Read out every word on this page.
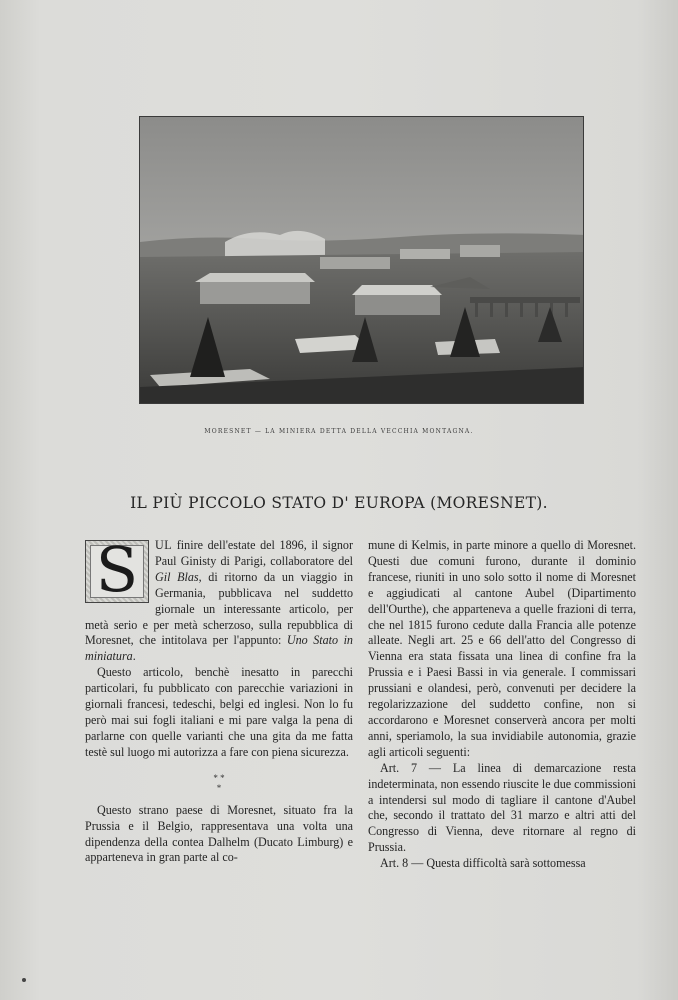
MORESNET — LA MINIERA DETTA DELLA VECCHIA MONTAGNA.
IL PIÙ PICCOLO STATO D' EUROPA (MORESNET).
S	UL finire dell'estate del 1896, il signor Paul Ginisty di Parigi, collaboratore del Gil Blas, di ritorno da un viaggio in Germania, pubblicava nel suddetto giornale un interessante articolo, per metà serio e per metà scherzoso, sulla repubblica di Moresnet, che intitolava per l'appunto: Uno Stato in miniatura.

Questo articolo, benchè inesatto in parecchi particolari, fu pubblicato con parecchie variazioni in giornali francesi, tedeschi, belgi ed inglesi. Non lo fu però mai sui fogli italiani e mi pare valga la pena di parlarne con quelle varianti che una gita da me fatta testè sul luogo mi autorizza a fare con piena sicurezza.

* *
*

Questo strano paese di Moresnet, situato fra la Prussia e il Belgio, rappresentava una volta una dipendenza della contea Dalhelm (Ducato Limburg) e apparteneva in gran parte al co-

mune di Kelmis, in parte minore a quello di Moresnet. Questi due comuni furono, durante il dominio francese, riuniti in uno solo sotto il nome di Moresnet e aggiudicati al cantone Aubel (Dipartimento dell'Ourthe), che apparteneva a quelle frazioni di terra, che nel 1815 furono cedute dalla Francia alle potenze alleate. Negli art. 25 e 66 dell'atto del Congresso di Vienna era stata fissata una linea di confine fra la Prussia e i Paesi Bassi in via generale. I commissari prussiani e olandesi, però, convenuti per decidere la regolarizzazione del suddetto confine, non si accordarono e Moresnet conserverà ancora per molti anni, speriamolo, la sua invidiabile autonomia, grazie agli articoli seguenti:

Art. 7 — La linea di demarcazione resta indeterminata, non essendo riuscite le due commissioni a intendersi sul modo di tagliare il cantone d'Aubel che, secondo il trattato del 31 marzo e altri atti del Congresso di Vienna, deve ritornare al regno di Prussia.

Art. 8 — Questa difficoltà sarà sottomessa
